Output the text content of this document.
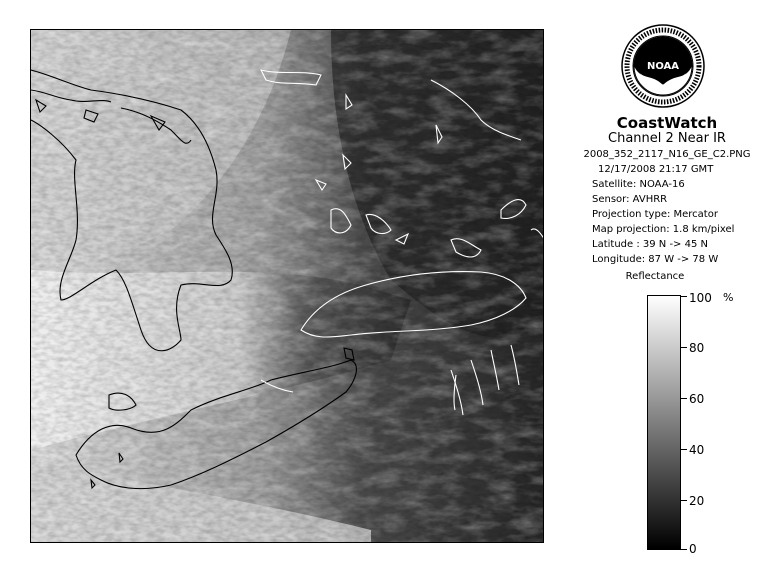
NOAA
CoastWatch
Channel 2 Near IR
2008_352_2117_N16_GE_C2.PNG
12/17/2008 21:17 GMT
Satellite: NOAA-16
Sensor: AVHRR
Projection type: Mercator
Map projection: 1.8 km/pixel
Latitude : 39 N -> 45 N
Longitude: 87 W -> 78 W
Reflectance
%
100
80
60
40
20
0
